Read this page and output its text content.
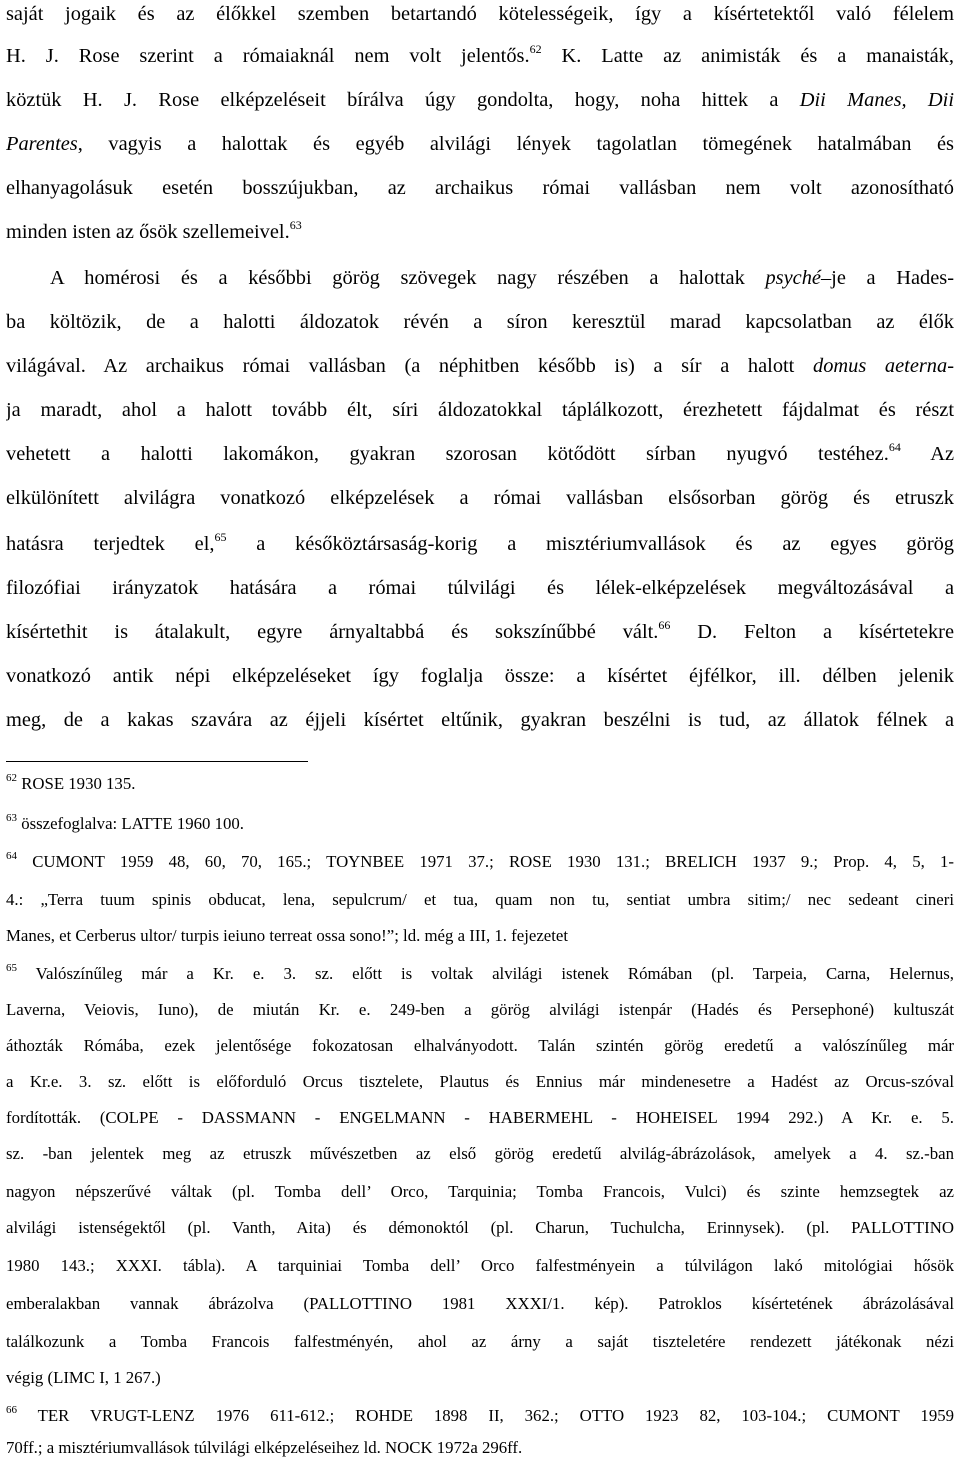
saját jogaik és az élőkkel szemben betartandó kötelességeik, így a kísértetektől való félelem
H. J. Rose szerint a rómaiaknál nem volt jelentős.$^{62}$ K. Latte az animisták és a manaisták,
köztük H. J. Rose elképzeléseit bírálva úgy gondolta, hogy, noha hittek a Dii Manes, Dii
Parentes, vagyis a halottak és egyéb alvilági lények tagolatlan tömegének hatalmában és
elhanyagolásuk esetén bosszújukban, az archaikus római vallásban nem volt azonosítható
minden isten az ősök szellemeivel.$^{63}$
A homérosi és a későbbi görög szövegek nagy részében a halottak psyché–je a Hades-
ba költözik, de a halotti áldozatok révén a síron keresztül marad kapcsolatban az élők
világával. Az archaikus római vallásban (a néphitben később is) a sír a halott domus aeterna-
ja maradt, ahol a halott tovább élt, síri áldozatokkal táplálkozott, érezhetett fájdalmat és részt
vehetett a halotti lakomákon, gyakran szorosan kötődött sírban nyugvó testéhez.$^{64}$ Az
elkülönített alvilágra vonatkozó elképzelések a római vallásban elsősorban görög és etruszk
hatásra terjedtek el,$^{65}$ a későköztársaság-korig a misztériumvallások és az egyes görög
filozófiai irányzatok hatására a római túlvilági és lélek-elképzelések megváltozásával a
kísértethit is átalakult, egyre árnyaltabbá és sokszínűbbé vált.$^{66}$ D. Felton a kísértetekre
vonatkozó antik népi elképzeléseket így foglalja össze: a kísértet éjfélkor, ill. délben jelenik
meg, de a kakas szavára az éjjeli kísértet eltűnik, gyakran beszélni is tud, az állatok félnek a
$^{62}$ ROSE 1930 135.
$^{63}$ összefoglalva: LATTE 1960 100.
$^{64}$ CUMONT 1959 48, 60, 70, 165.; TOYNBEE 1971 37.; ROSE 1930 131.; BRELICH 1937 9.; Prop. 4, 5, 1-
4.: „Terra tuum spinis obducat, lena, sepulcrum/ et tua, quam non tu, sentiat umbra sitim;/ nec sedeant cineri
Manes, et Cerberus ultor/ turpis ieiuno terreat ossa sono!”; ld. még a III, 1. fejezetet
$^{65}$ Valószínűleg már a Kr. e. 3. sz. előtt is voltak alvilági istenek Rómában (pl. Tarpeia, Carna, Helernus,
Laverna, Veiovis, Iuno), de miután Kr. e. 249-ben a görög alvilági istenpár (Hadés és Persephoné) kultuszát
áthozták Rómába, ezek jelentősége fokozatosan elhalványodott. Talán szintén görög eredetű a valószínűleg már
a Kr.e. 3. sz. előtt is előforduló Orcus tisztelete, Plautus és Ennius már mindenesetre a Hadést az Orcus-szóval
fordították. (COLPE - DASSMANN - ENGELMANN - HABERMEHL - HOHEISEL 1994 292.) A Kr. e. 5.
sz. -ban jelentek meg az etruszk művészetben az első görög eredetű alvilág-ábrázolások, amelyek a 4. sz.-ban
nagyon népszerűvé váltak (pl. Tomba dell’ Orco, Tarquinia; Tomba Francois, Vulci) és szinte hemzsegtek az
alvilági istenségektől (pl. Vanth, Aita) és démonoktól (pl. Charun, Tuchulcha, Erinnysek). (pl. PALLOTTINO
1980 143.; XXXI. tábla). A tarquiniai Tomba dell’ Orco falfestményein a túlvilágon lakó mitológiai hősök
emberalakban vannak ábrázolva (PALLOTTINO 1981 XXXI/1. kép). Patroklos kísértetének ábrázolásával
találkozunk a Tomba Francois falfestményén, ahol az árny a saját tiszteletére rendezett játékonak nézi
végig (LIMC I, 1 267.)
$^{66}$ TER VRUGT-LENZ 1976 611-612.; ROHDE 1898 II, 362.; OTTO 1923 82, 103-104.; CUMONT 1959
70ff.; a misztériumvallások túlvilági elképzeléseihez ld. NOCK 1972a 296ff.
